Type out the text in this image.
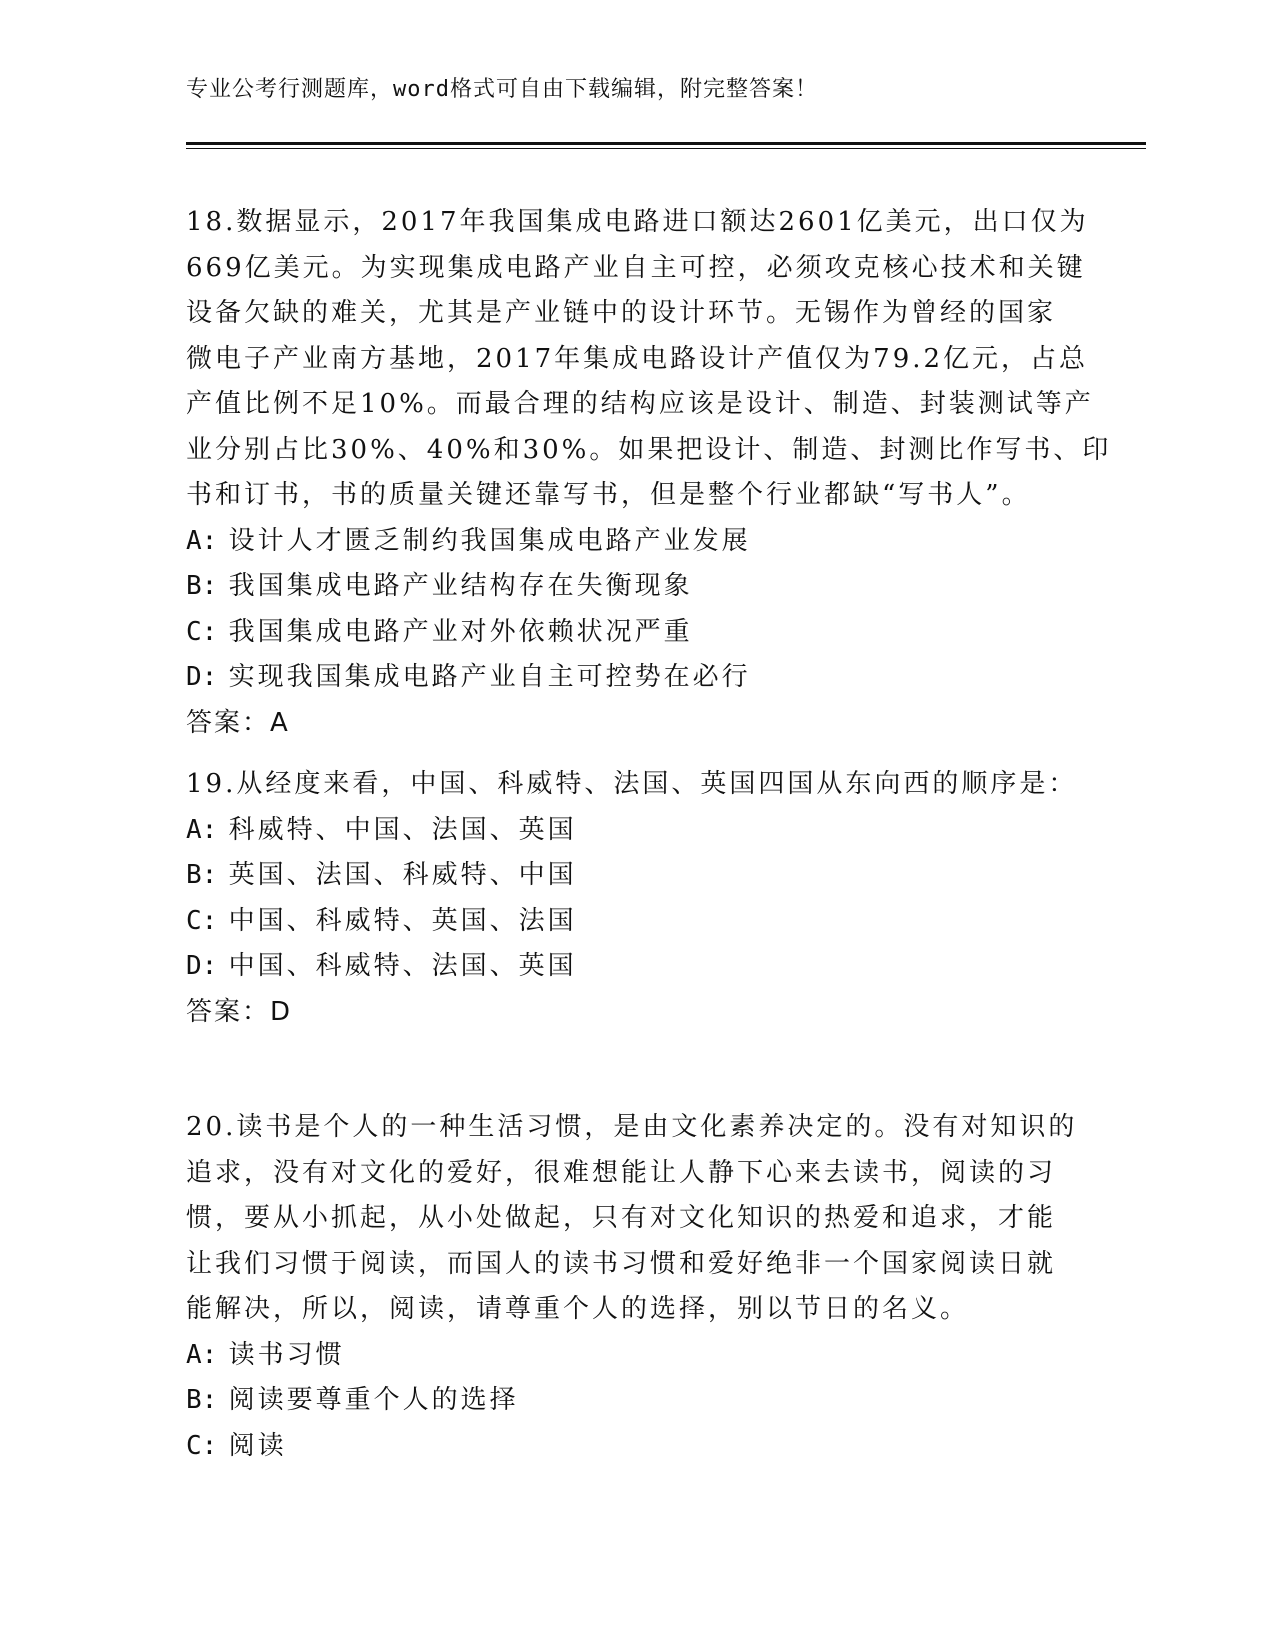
专业公考行测题库，word格式可自由下载编辑，附完整答案！
18.数据显示，2017年我国集成电路进口额达2601亿美元，出口仅为
669亿美元。为实现集成电路产业自主可控，必须攻克核心技术和关键
设备欠缺的难关，尤其是产业链中的设计环节。无锡作为曾经的国家
微电子产业南方基地，2017年集成电路设计产值仅为79.2亿元，占总
产值比例不足10%。而最合理的结构应该是设计、制造、封装测试等产
业分别占比30%、40%和30%。如果把设计、制造、封测比作写书、印
书和订书，书的质量关键还靠写书，但是整个行业都缺“写书人”。
A: 设计人才匮乏制约我国集成电路产业发展
B: 我国集成电路产业结构存在失衡现象
C: 我国集成电路产业对外依赖状况严重
D: 实现我国集成电路产业自主可控势在必行
答案：A
19.从经度来看，中国、科威特、法国、英国四国从东向西的顺序是：
A: 科威特、中国、法国、英国
B: 英国、法国、科威特、中国
C: 中国、科威特、英国、法国
D: 中国、科威特、法国、英国
答案：D
20.读书是个人的一种生活习惯，是由文化素养决定的。没有对知识的
追求，没有对文化的爱好，很难想能让人静下心来去读书，阅读的习
惯，要从小抓起，从小处做起，只有对文化知识的热爱和追求，才能
让我们习惯于阅读，而国人的读书习惯和爱好绝非一个国家阅读日就
能解决，所以，阅读，请尊重个人的选择，别以节日的名义。
A: 读书习惯
B: 阅读要尊重个人的选择
C: 阅读
